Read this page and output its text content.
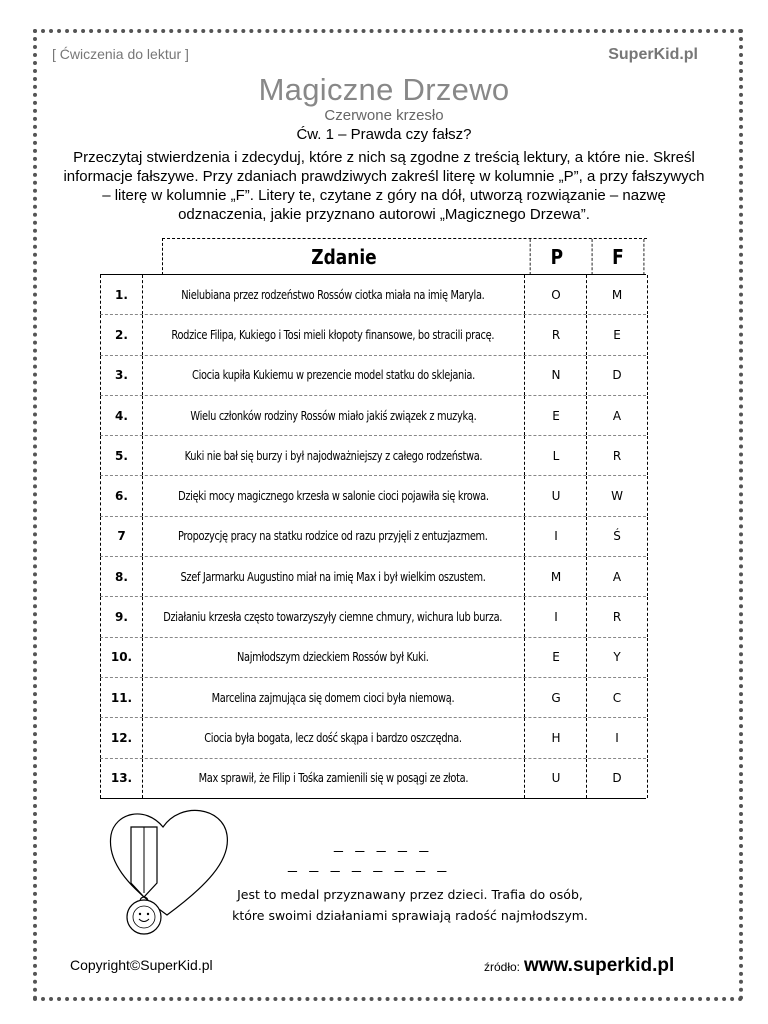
[ Ćwiczenia do lektur ]	SuperKid.pl
Magiczne Drzewo
Czerwone krzesło
Ćw. 1 – Prawda czy fałsz?
Przeczytaj stwierdzenia i zdecyduj, które z nich są zgodne z treścią lektury, a które nie. Skreśl informacje fałszywe. Przy zdaniach prawdziwych zakreśl literę w kolumnie „P”, a przy fałszywych – literę w kolumnie „F”. Litery te, czytane z góry na dół, utworzą rozwiązanie – nazwę odznaczenia, jakie przyznano autorowi „Magicznego Drzewa”.
Zdanie	P	F
1.	Nielubiana przez rodzeństwo Rossów ciotka miała na imię Maryla.	O	M
2.	Rodzice Filipa, Kukiego i Tosi mieli kłopoty finansowe, bo stracili pracę.	R	E
3.	Ciocia kupiła Kukiemu w prezencie model statku do sklejania.	N	D
4.	Wielu członków rodziny Rossów miało jakiś związek z muzyką.	E	A
5.	Kuki nie bał się burzy i był najodważniejszy z całego rodzeństwa.	L	R
6.	Dzięki mocy magicznego krzesła w salonie cioci pojawiła się krowa.	U	W
7	Propozycję pracy na statku rodzice od razu przyjęli z entuzjazmem.	I	Ś
8.	Szef Jarmarku Augustino miał na imię Max i był wielkim oszustem.	M	A
9.	Działaniu krzesła często towarzyszyły ciemne chmury, wichura lub burza.	I	R
10.	Najmłodszym dzieckiem Rossów był Kuki.	E	Y
11.	Marcelina zajmująca się domem cioci była niemową.	G	C
12.	Ciocia była bogata, lecz dość skąpa i bardzo oszczędna.	H	I
13.	Max sprawił, że Filip i Tośka zamienili się w posągi ze złota.	U	D
_ _ _ _ _
_ _ _ _ _ _ _ _
Jest to medal przyznawany przez dzieci. Trafia do osób,
które swoimi działaniami sprawiają radość najmłodszym.
Copyright©SuperKid.pl	źródło: www.superkid.pl
